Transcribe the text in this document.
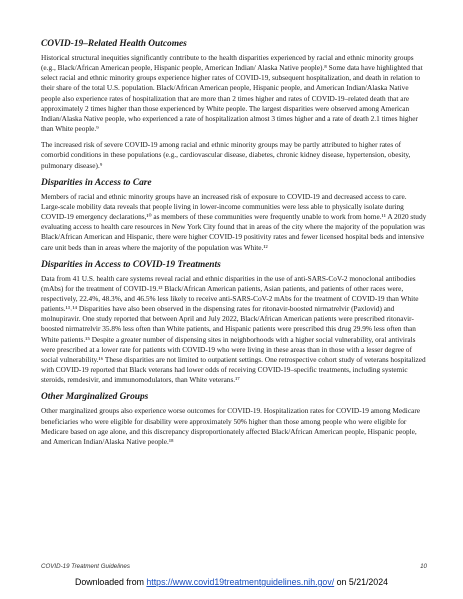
COVID-19–Related Health Outcomes

Historical structural inequities significantly contribute to the health disparities experienced by racial and ethnic minority groups (e.g., Black/African American people, Hispanic people, American Indian/ Alaska Native people).⁸ Some data have highlighted that select racial and ethnic minority groups experience higher rates of COVID-19, subsequent hospitalization, and death in relation to their share of the total U.S. population. Black/African American people, Hispanic people, and American Indian/Alaska Native people also experience rates of hospitalization that are more than 2 times higher and rates of COVID-19–related death that are approximately 2 times higher than those experienced by White people. The largest disparities were observed among American Indian/Alaska Native people, who experienced a rate of hospitalization almost 3 times higher and a rate of death 2.1 times higher than White people.⁹

The increased risk of severe COVID-19 among racial and ethnic minority groups may be partly attributed to higher rates of comorbid conditions in these populations (e.g., cardiovascular disease, diabetes, chronic kidney disease, hypertension, obesity, pulmonary disease).⁹

Disparities in Access to Care

Members of racial and ethnic minority groups have an increased risk of exposure to COVID-19 and decreased access to care. Large-scale mobility data reveals that people living in lower-income communities were less able to physically isolate during COVID-19 emergency declarations,¹⁰ as members of these communities were frequently unable to work from home.¹¹ A 2020 study evaluating access to health care resources in New York City found that in areas of the city where the majority of the population was Black/African American and Hispanic, there were higher COVID-19 positivity rates and fewer licensed hospital beds and intensive care unit beds than in areas where the majority of the population was White.¹²

Disparities in Access to COVID-19 Treatments

Data from 41 U.S. health care systems reveal racial and ethnic disparities in the use of anti-SARS-CoV-2 monoclonal antibodies (mAbs) for the treatment of COVID-19.¹³ Black/African American patients, Asian patients, and patients of other races were, respectively, 22.4%, 48.3%, and 46.5% less likely to receive anti-SARS-CoV-2 mAbs for the treatment of COVID-19 than White patients.¹³˒¹⁴ Disparities have also been observed in the dispensing rates for ritonavir-boosted nirmatrelvir (Paxlovid) and molnupiravir. One study reported that between April and July 2022, Black/African American patients were prescribed ritonavir-boosted nirmatrelvir 35.8% less often than White patients, and Hispanic patients were prescribed this drug 29.9% less often than White patients.¹⁵ Despite a greater number of dispensing sites in neighborhoods with a higher social vulnerability, oral antivirals were prescribed at a lower rate for patients with COVID-19 who were living in these areas than in those with a lesser degree of social vulnerability.¹⁶ These disparities are not limited to outpatient settings. One retrospective cohort study of veterans hospitalized with COVID-19 reported that Black veterans had lower odds of receiving COVID-19–specific treatments, including systemic steroids, remdesivir, and immunomodulators, than White veterans.¹⁷

Other Marginalized Groups

Other marginalized groups also experience worse outcomes for COVID-19. Hospitalization rates for COVID-19 among Medicare beneficiaries who were eligible for disability were approximately 50% higher than those among people who were eligible for Medicare based on age alone, and this discrepancy disproportionately affected Black/African American people, Hispanic people, and American Indian/Alaska Native people.¹⁸

COVID-19 Treatment Guidelines	10
Downloaded from https://www.covid19treatmentguidelines.nih.gov/ on 5/21/2024
